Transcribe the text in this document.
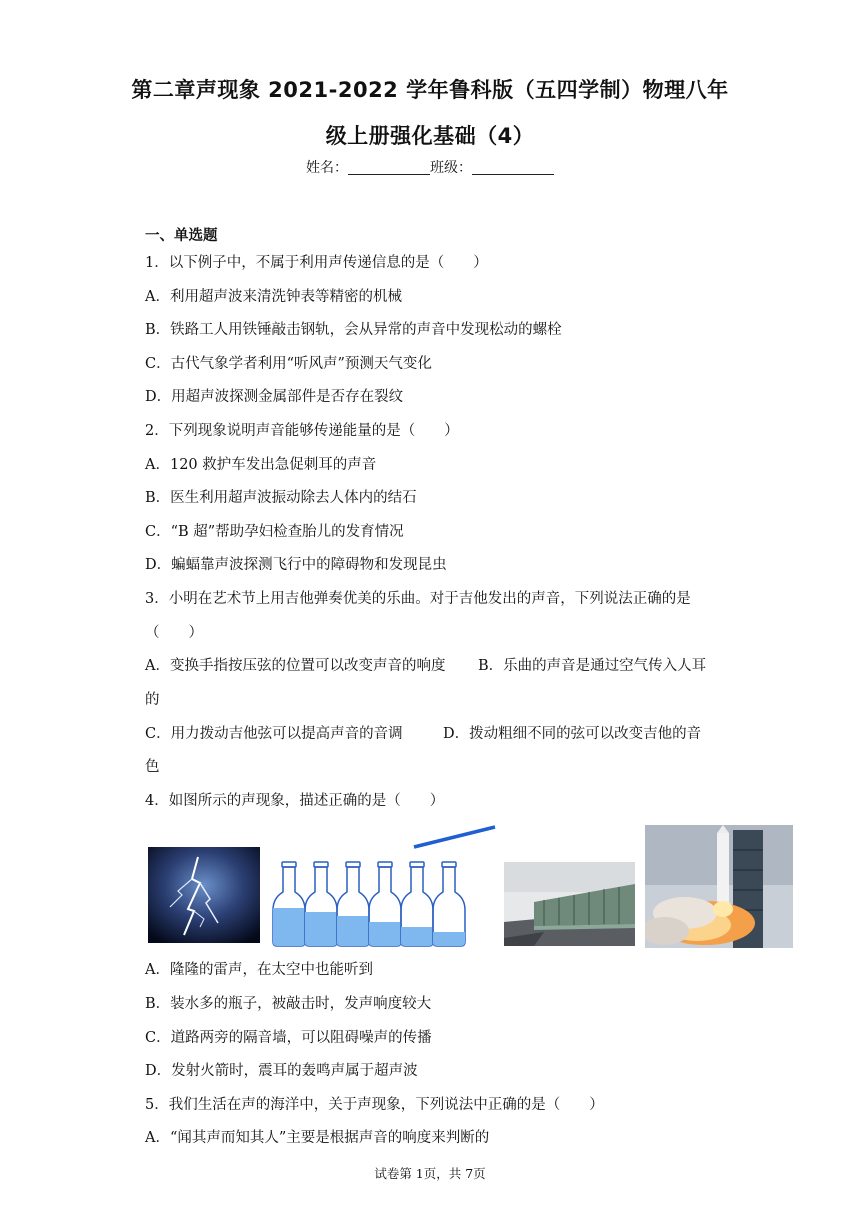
第二章声现象 2021-2022 学年鲁科版（五四学制）物理八年
级上册强化基础（4）
姓名：	班级：
一、单选题
1．以下例子中，不属于利用声传递信息的是（　　）
A．利用超声波来清洗钟表等精密的机械
B．铁路工人用铁锤敲击钢轨，会从异常的声音中发现松动的螺栓
C．古代气象学者利用“听风声”预测天气变化
D．用超声波探测金属部件是否存在裂纹
2．下列现象说明声音能够传递能量的是（　　）
A．120 救护车发出急促刺耳的声音
B．医生利用超声波振动除去人体内的结石
C．“B 超”帮助孕妇检查胎儿的发育情况
D．蝙蝠靠声波探测飞行中的障碍物和发现昆虫
3．小明在艺术节上用吉他弹奏优美的乐曲。对于吉他发出的声音，下列说法正确的是
（　　）
A．变换手指按压弦的位置可以改变声音的响度 B．乐曲的声音是通过空气传入人耳
的
C．用力拨动吉他弦可以提高声音的音调	D．拨动粗细不同的弦可以改变吉他的音
色
4．如图所示的声现象，描述正确的是（　　）
A．隆隆的雷声，在太空中也能听到
B．装水多的瓶子，被敲击时，发声响度较大
C．道路两旁的隔音墙，可以阻碍噪声的传播
D．发射火箭时，震耳的轰鸣声属于超声波
5．我们生活在声的海洋中，关于声现象，下列说法中正确的是（　　）
A．“闻其声而知其人”主要是根据声音的响度来判断的
试卷第 1页，共 7页
